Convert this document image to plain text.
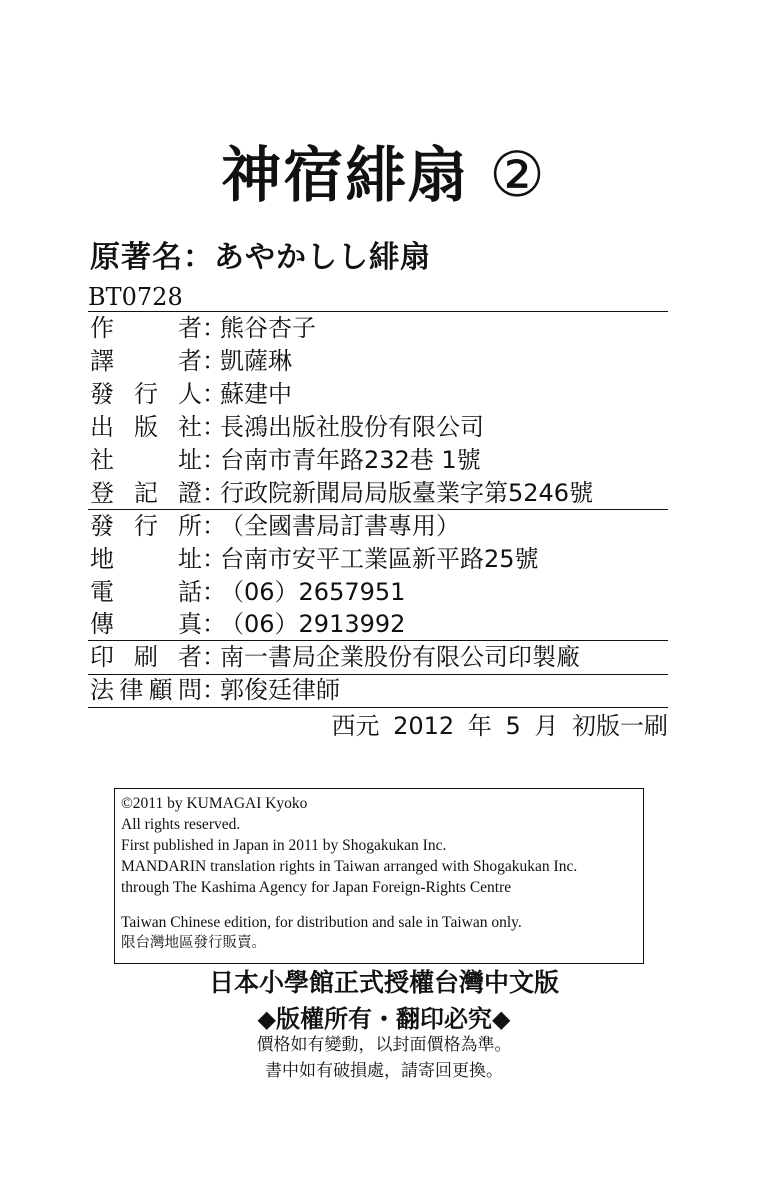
神宿緋扇 ②
原著名：あやかしし緋扇
BT0728
作者：熊谷杏子
譯者：凱薩琳
發行人：蘇建中
出版社：長鴻出版社股份有限公司
社址：台南市青年路232巷 1號
登記證：行政院新聞局局版臺業字第5246號
發行所：（全國書局訂書專用）
地址：台南市安平工業區新平路25號
電話：（06）2657951
傳真：（06）2913992
印刷者：南一書局企業股份有限公司印製廠
法律顧問：郭俊廷律師
西元 2012 年 5 月 初版一刷
©2011 by KUMAGAI Kyoko
All rights reserved.
First published in Japan in 2011 by Shogakukan Inc.
MANDARIN translation rights in Taiwan arranged with Shogakukan Inc.
through The Kashima Agency for Japan Foreign-Rights Centre
Taiwan Chinese edition, for distribution and sale in Taiwan only.
限台灣地區發行販賣。
日本小學館正式授權台灣中文版
◆版權所有・翻印必究◆
價格如有變動，以封面價格為準。
書中如有破損處，請寄回更換。
